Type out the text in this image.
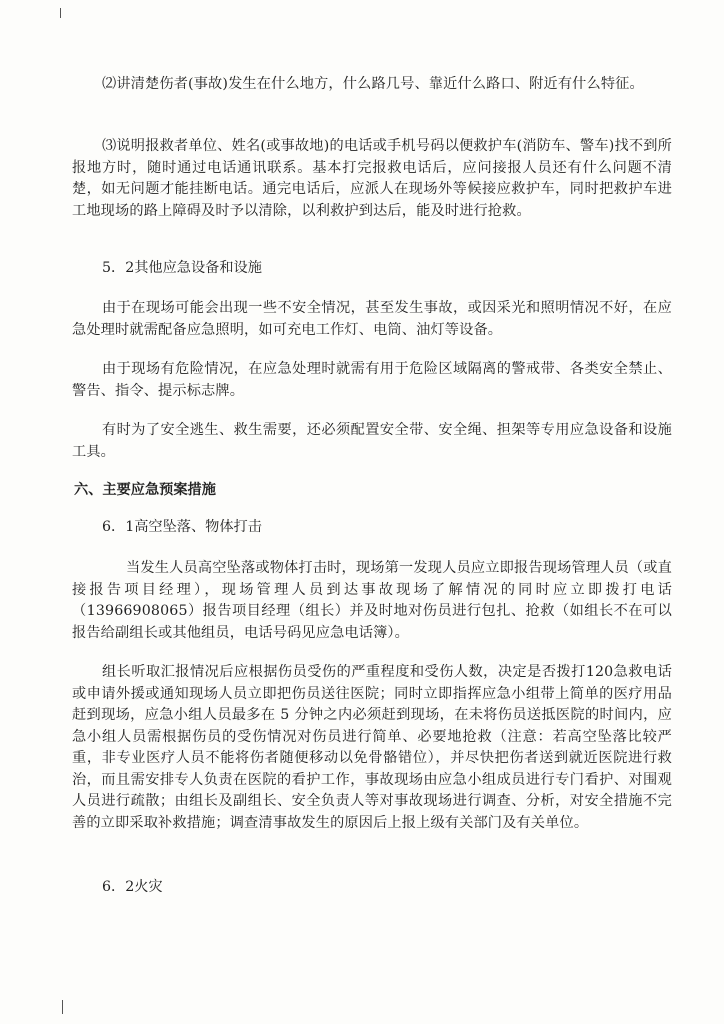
⑵讲清楚伤者(事故)发生在什么地方，什么路几号、靠近什么路口、附近有什么特征。

⑶说明报救者单位、姓名(或事故地)的电话或手机号码以便救护车(消防车、警车)找不到所报地方时，随时通过电话通讯联系。基本打完报救电话后，应问接报人员还有什么问题不清楚，如无问题才能挂断电话。通完电话后，应派人在现场外等候接应救护车，同时把救护车进工地现场的路上障碍及时予以清除，以利救护到达后，能及时进行抢救。

5．2其他应急设备和设施

由于在现场可能会出现一些不安全情况，甚至发生事故，或因采光和照明情况不好，在应急处理时就需配备应急照明，如可充电工作灯、电筒、油灯等设备。

由于现场有危险情况，在应急处理时就需有用于危险区域隔离的警戒带、各类安全禁止、警告、指令、提示标志牌。

有时为了安全逃生、救生需要，还必须配置安全带、安全绳、担架等专用应急设备和设施工具。

六、主要应急预案措施

6．1高空坠落、物体打击

当发生人员高空坠落或物体打击时，现场第一发现人员应立即报告现场管理人员（或直接报告项目经理），现场管理人员到达事故现场了解情况的同时应立即拨打电话（13966908065）报告项目经理（组长）并及时地对伤员进行包扎、抢救（如组长不在可以报告给副组长或其他组员，电话号码见应急电话簿）。

组长听取汇报情况后应根据伤员受伤的严重程度和受伤人数，决定是否拨打120急救电话或申请外援或通知现场人员立即把伤员送往医院；同时立即指挥应急小组带上简单的医疗用品赶到现场，应急小组人员最多在 5 分钟之内必须赶到现场，在未将伤员送抵医院的时间内，应急小组人员需根据伤员的受伤情况对伤员进行简单、必要地抢救（注意：若高空坠落比较严重，非专业医疗人员不能将伤者随便移动以免骨骼错位），并尽快把伤者送到就近医院进行救治，而且需安排专人负责在医院的看护工作，事故现场由应急小组成员进行专门看护、对围观人员进行疏散；由组长及副组长、安全负责人等对事故现场进行调查、分析，对安全措施不完善的立即采取补救措施；调查清事故发生的原因后上报上级有关部门及有关单位。

6．2火灾
